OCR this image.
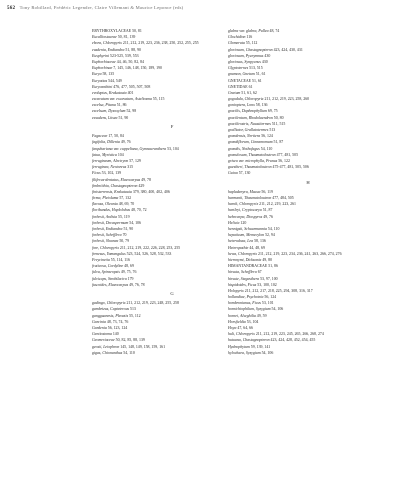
562 Tony Robillard, Frédéric Legendre, Claire Villemant & Maurice Leponce (eds)
ERYTHROXYLACEAE 50, 81
Eucalliostaceae 50, 81, 139
ebora, Chloropyrix 211, 212, 219, 223, 236, 238, 250, 252, 255, 255
eusdenia, Endiandra 51, 88, 90
Eusphyrini 523-525, 539, 553
Euphorbiaceae 44, 46, 50, 82, 84
Euphorbinae 7, 145, 146, 148, 150, 189, 190
Eurya 58, 135
Euryattas 544, 549
Eurycanthini 476, 477, 505, 507, 508
evoluptus, Krakatauia 401
excavatum var. excavatum, Asteliosma 55, 115
excelsa, Pitana 51, 86
excelsum, Dysoxylum 52, 98
exsudens, Litsea 51, 90
F
Fagaceae 17, 50, 84
fagifolia, Dillenia 49, 76
farquhariana var. cuppeliana, Gymnacranthera 53, 104
fatua, Myristica 104
ferrugineum, Alectryon 57, 129
ferruginea, Neotoreus 315
Ficus 53, 102, 139
filiferus-dentatus, Elaeocarpus 49, 78
fimbriithia, Chastagnopteron 429
finisterrensis, Krakatauia 379, 380, 400, 402, 406
firma, Pleioluma 57, 132
flavosa, Oleania 48, 69, 70
floribundus, Haplolobus 48, 70, 72
forbesii, Ardisia 55, 119
forbesii, Decaspermum 54, 106
forbesii, Endiandra 51, 90
forbesii, Schefflera 70
forbesii, Sloanea 50, 79
fore, Chloropyrix 211, 212, 219, 222, 226, 228, 253, 255
frenesus, Yamangulus 523, 524, 526, 528, 532, 533
Freycinetia 55, 114, 116
fruticosa, Cordyline 48, 69
fulva, Spiraeopsis 49, 75, 76
fulvicaps, Strobilacira 179
fuscoides, Elaeocarpus 49, 76, 78
G
gadingo, Chloropyrix 211, 212, 219, 223, 248, 255, 258
gambrizus, Capteterous 513
gangguanesis, Pleoatis 55, 112
Garcinia 48, 73, 74, 76
Gardenia 56, 123, 124
Gentiostoma 140
Geomeriaceae 50, 82, 85, 88, 139
geosii, Leiophron 145, 148, 149, 158, 159, 161
gigas, Chionanthus 54, 110
glabra var. glabra, Pullea 48, 74
Glochidion 116
Glomerata 55, 112
gloriosum, Chastagnopteron 423, 424, 430, 431
gloriosum, Pycnymnus 430
gloriosus, Synpycnus 430
Glyptoternes 513, 515
gnamon, Gnetum 51, 61
GNETACEAE 51, 61
GNETIDAE 61
Gnetum 51, 61, 62
gogodala, Chloropyrix 211, 212, 219, 223, 258, 260
gonioptera, Lonx 58, 136
gracilis, Daphnophyllum 69, 75
gracilentum, Rhodolaendron 50, 80
gracilirostris, Naustitermes 511, 515
gralliator, Grallatotermes 513
grandensis, Nertiera 56, 124
grandiflorum, Cinnamomum 51, 87
grandis, Nothofagus 54, 110
granulosum, Thaumatoloutron 477, 481, 505
grisea var. microphylla, Prunus 56, 122
guestheri, Thaumatoloutron 475-477, 481, 505, 506
Guioa 57, 130
H
hapladenyra, Macua 56, 119
harmanii, Thaumatoloutron 477, 484, 505
harolt, Chloropyrix 211, 212, 219, 223, 261
hartleyi, Cryptocarya 51, 87
hebecarpa, Diospyros 49, 76
Helicia 120
hennigsii, Schuurmannia 54, 110
hepaticum, Memecylon 52, 94
heterodoxa, Lea 58, 136
Heteropathie 44, 48, 69
hewa, Chloropyrix 211, 212, 219, 223, 234, 236, 241, 263, 266, 274, 276
hieronymi, Dicksonia 49, 80
HIMANTANDRACEAE 51, 86
hirsuta, Schefflera 67
hirsute, Stegasthera 53, 97, 100
hispidoides, Ficus 53, 100, 102
Holopyrix 211, 212, 217, 218, 225, 294, 308, 316, 317
hollandiae, Psychotria 56, 124
hombronianus, Ficus 53, 101
hornichiophilum, Syzygium 54, 106
hornei, Alseghilia 49, 59
Horsfieldia 53, 104
Hoya 47, 64, 66
huli, Chloropyrix 211, 212, 219, 223, 245, 265, 266, 268, 274
hutuana, Chastagnopteron 423, 424, 428, 452, 454, 455
Hydnophytum 59, 139, 141
hylochaea, Syzygium 54, 106
